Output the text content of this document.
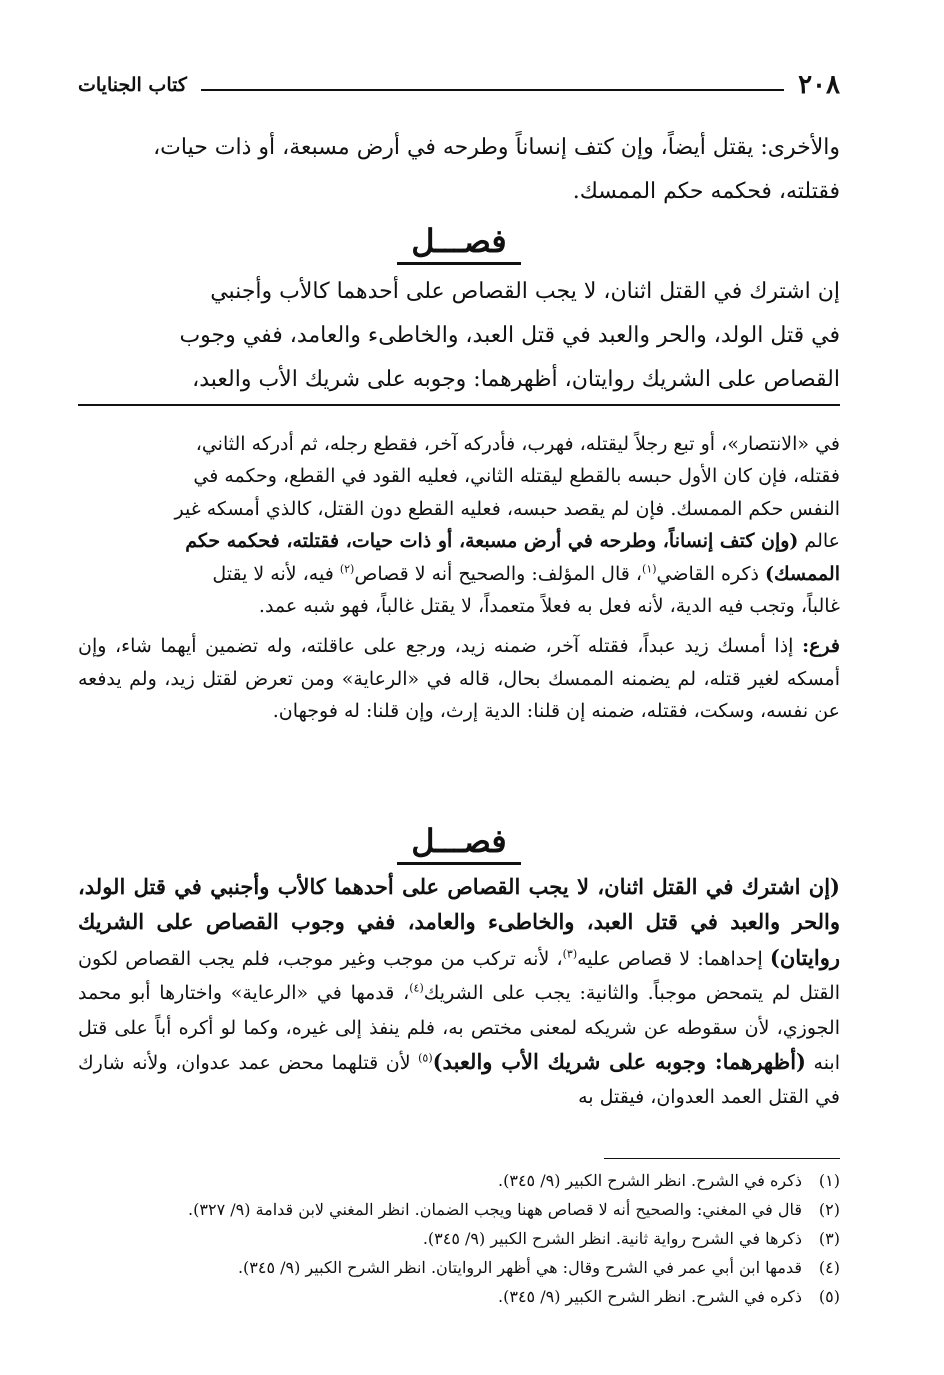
٢٠٨
كتاب الجنايات

والأخرى: يقتل أيضاً، وإن كتف إنساناً وطرحه في أرض مسبعة، أو ذات حيات،

فقتلته، فحكمه حكم الممسك.

فصـــل

إن اشترك في القتل اثنان، لا يجب القصاص على أحدهما كالأب وأجنبي

في قتل الولد، والحر والعبد في قتل العبد، والخاطىء والعامد، ففي وجوب

القصاص على الشريك روايتان، أظهرهما: وجوبه على شريك الأب والعبد،

في «الانتصار»، أو تبع رجلاً ليقتله، فهرب، فأدركه آخر، فقطع رجله، ثم أدركه الثاني،

فقتله، فإن كان الأول حبسه بالقطع ليقتله الثاني، فعليه القود في القطع، وحكمه في

النفس حكم الممسك. فإن لم يقصد حبسه، فعليه القطع دون القتل، كالذي أمسكه غير

عالم (وإن كتف إنساناً، وطرحه في أرض مسبعة، أو ذات حيات، فقتلته، فحكمه حكم

الممسك) ذكره القاضي$^{(١)}$، قال المؤلف: والصحيح أنه لا قصاص$^{(٢)}$ فيه، لأنه لا يقتل

غالباً، وتجب فيه الدية، لأنه فعل به فعلاً متعمداً، لا يقتل غالباً، فهو شبه عمد.

فرع: إذا أمسك زيد عبداً، فقتله آخر، ضمنه زيد، ورجع على عاقلته، وله تضمين أيهما شاء، وإن أمسكه لغير قتله، لم يضمنه الممسك بحال، قاله في «الرعاية» ومن تعرض لقتل زيد، ولم يدفعه عن نفسه، وسكت، فقتله، ضمنه إن قلنا: الدية إرث، وإن قلنا: له فوجهان.

فصـــل

(إن اشترك في القتل اثنان، لا يجب القصاص على أحدهما كالأب وأجنبي في قتل الولد، والحر والعبد في قتل العبد، والخاطىء والعامد، ففي وجوب القصاص على الشريك روايتان) إحداهما: لا قصاص عليه$^{(٣)}$، لأنه تركب من موجب وغير موجب، فلم يجب القصاص لكون القتل لم يتمحض موجباً. والثانية: يجب على الشريك$^{(٤)}$، قدمها في «الرعاية» واختارها أبو محمد الجوزي، لأن سقوطه عن شريكه لمعنى مختص به، فلم ينفذ إلى غيره، وكما لو أكره أباً على قتل ابنه (أظهرهما: وجوبه على شريك الأب والعبد)$^{(٥)}$ لأن قتلهما محض عمد عدوان، ولأنه شارك في القتل العمد العدوان، فيقتل به

(١)
ذكره في الشرح. انظر الشرح الكبير (٩/ ٣٤٥).
(٢)
قال في المغني: والصحيح أنه لا قصاص ههنا ويجب الضمان. انظر المغني لابن قدامة (٩/ ٣٢٧).
(٣)
ذكرها في الشرح رواية ثانية. انظر الشرح الكبير (٩/ ٣٤٥).
(٤)
قدمها ابن أبي عمر في الشرح وقال: هي أظهر الروايتان. انظر الشرح الكبير (٩/ ٣٤٥).
(٥)
ذكره في الشرح. انظر الشرح الكبير (٩/ ٣٤٥).
